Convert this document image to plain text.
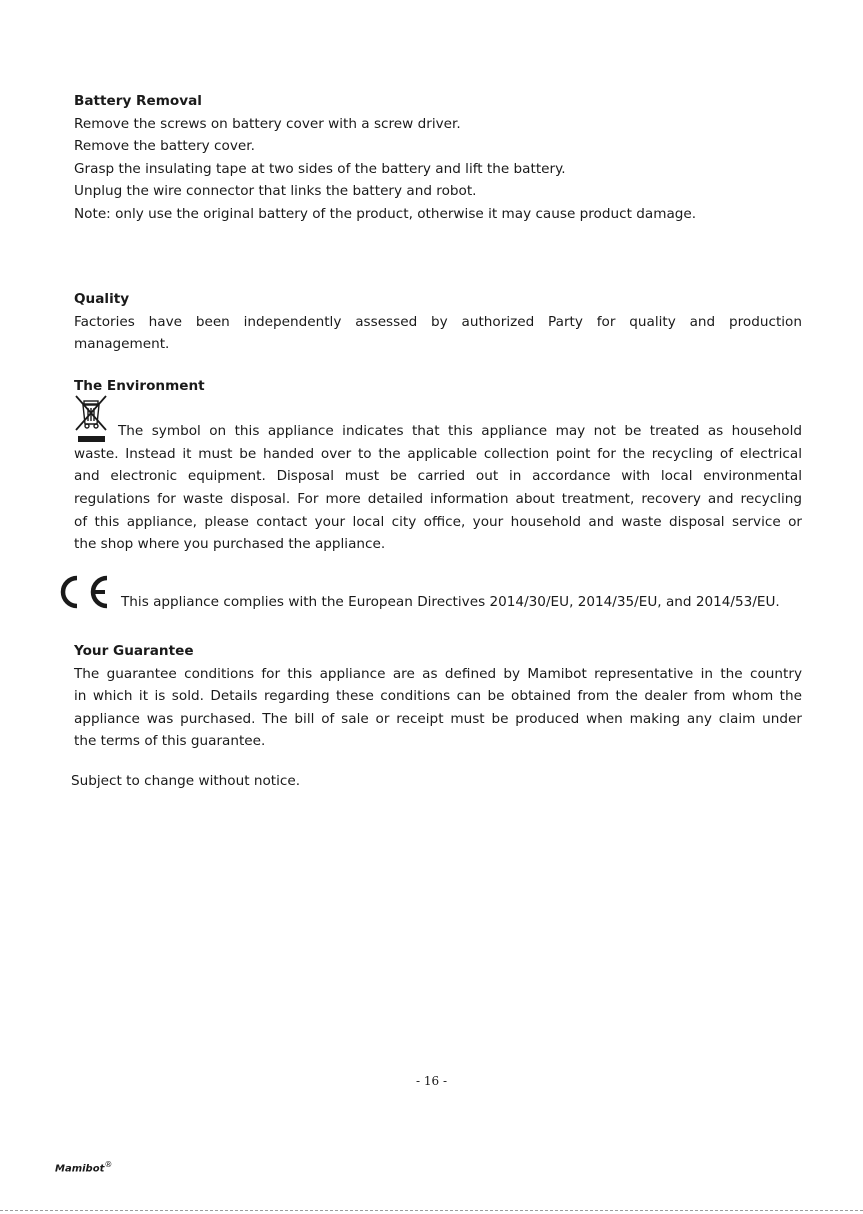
Battery Removal
Remove the screws on battery cover with a screw driver.
Remove the battery cover.
Grasp the insulating tape at two sides of the battery and lift the battery.
Unplug the wire connector that links the battery and robot.
Note: only use the original battery of the product, otherwise it may cause product damage.
Quality
Factories have been independently assessed by authorized Party for quality and production
management.
The Environment
The symbol on this appliance indicates that this appliance may not be treated as household
waste. Instead it must be handed over to the applicable collection point for the recycling of electrical
and electronic equipment. Disposal must be carried out in accordance with local environmental
regulations for waste disposal. For more detailed information about treatment, recovery and recycling
of this appliance, please contact your local city office, your household and waste disposal service or
the shop where you purchased the appliance.
This appliance complies with the European Directives 2014/30/EU, 2014/35/EU, and 2014/53/EU.
Your Guarantee
The guarantee conditions for this appliance are as defined by Mamibot representative in the country
in which it is sold. Details regarding these conditions can be obtained from the dealer from whom the
appliance was purchased. The bill of sale or receipt must be produced when making any claim under
the terms of this guarantee.
Subject to change without notice.
- 16 -
Mamibot®
